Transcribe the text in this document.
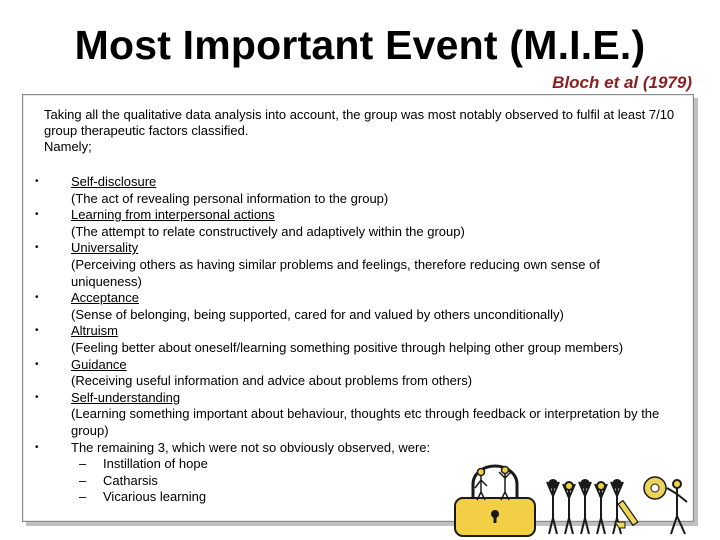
Most Important Event (M.I.E.)
Bloch et al (1979)

Taking all the qualitative data analysis into account, the group was most notably observed to fulfil at least 7/10 group therapeutic factors classified.

Namely;

• Self-disclosure
(The act of revealing personal information to the group)
• Learning from interpersonal actions
(The attempt to relate constructively and adaptively within the group)
• Universality
(Perceiving others as having similar problems and feelings, therefore reducing own sense of uniqueness)
• Acceptance
(Sense of belonging, being supported, cared for and valued by others unconditionally)
• Altruism
(Feeling better about oneself/learning something positive through helping other group members)
• Guidance
(Receiving useful information and advice about problems from others)
• Self-understanding
(Learning something important about behaviour, thoughts etc through feedback or interpretation by the group)
• The remaining 3, which were not so obviously observed, were:
– Instillation of hope
– Catharsis
– Vicarious learning
